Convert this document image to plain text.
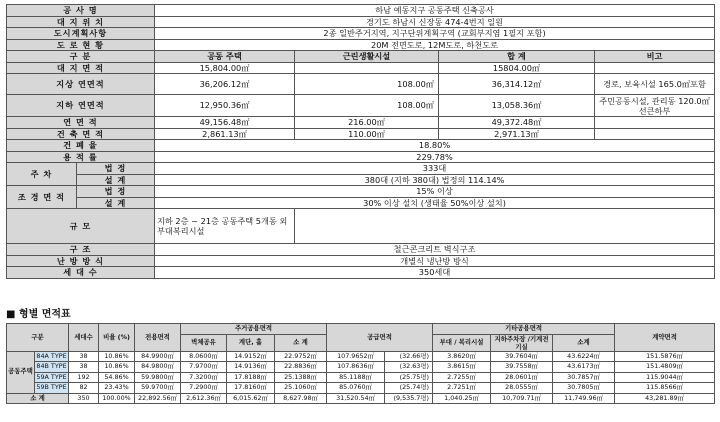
공 사 명		하남 예동지구 공동주택 신축공사			
대 지 위 치		경기도 하남시 신장동 474-4번지 일원			
도시계획사항		2종 일반주거지역, 지구단위계획구역 (교회부지염 1필지 포함)			
도 로 현 황		20M 전면도로, 12M도로, 하천도로			
구 분		공동 주택	근린생활시설	합 계	비고
대 지 면 적		15,804.00㎡		15804.00㎡	
지상 연면적		36,206.12㎡	108.00㎡	36,314.12㎡	경로, 보육시설 165.0㎡포함
지하 연면적		12,950.36㎡	108.00㎡	13,058.36㎡	주민공동시설, 관리동 120.0㎡ 선큰하부
연 면 적		49,156.48㎡	216.00㎡	49,372.48㎡	
건 축 면 적		2,861.13㎡	110.00㎡	2,971.13㎡	
건 폐 율		18.80%			
용 적 률		229.78%			
주 차	법 정	333대			
	설 계	380대 (지하 380대) 법정의 114.14%			
조 경 면 적	법 정	15% 이상			
	설 계	30% 이상 설치 (생태율 50%이상 설치)			
규 모		지하 2층 ~ 21층 공동주택 5개동 외 부대복리시설			
구 조		철근콘크리트 벽식구조			
난 방 방 식		개별식 냉난방 방식			
세 대 수		350세대			
■ 형별 면적표
구분		세대수	비율 (%)	전용면적	주거공용면적			공급면적		기타공용면적			계약면적
					벽체공유	계단, 홀	소 계			부대 / 복리시설	지하주차장 /기계전기실	소계	
공동주택	84A TYPE	38	10.86%	84.9900㎡	8.0600㎡	14.9152㎡	22.9752㎡	107.9652㎡	(32.66평)	3.8620㎡	39.7604㎡	43.6224㎡	151.5876㎡
	84B TYPE	38	10.86%	84.9800㎡	7.9700㎡	14.9136㎡	22.8836㎡	107.8636㎡	(32.63평)	3.8615㎡	39.7558㎡	43.6173㎡	151.4809㎡
	59A TYPE	192	54.86%	59.9800㎡	7.3200㎡	17.8188㎡	25.1388㎡	85.1188㎡	(25.75평)	2.7255㎡	28.0601㎡	30.7857㎡	115.9044㎡
	59B TYPE	82	23.43%	59.9700㎡	7.2900㎡	17.8160㎡	25.1060㎡	85.0760㎡	(25.74평)	2.7251㎡	28.0555㎡	30.7805㎡	115.8566㎡
소 계		350	100.00%	22,892.56㎡	2,612.36㎡	6,015.62㎡	8,627.98㎡	31,520.54㎡	(9,535.7평)	1,040.25㎡	10,709.71㎡	11,749.96㎡	43,281.89㎡
